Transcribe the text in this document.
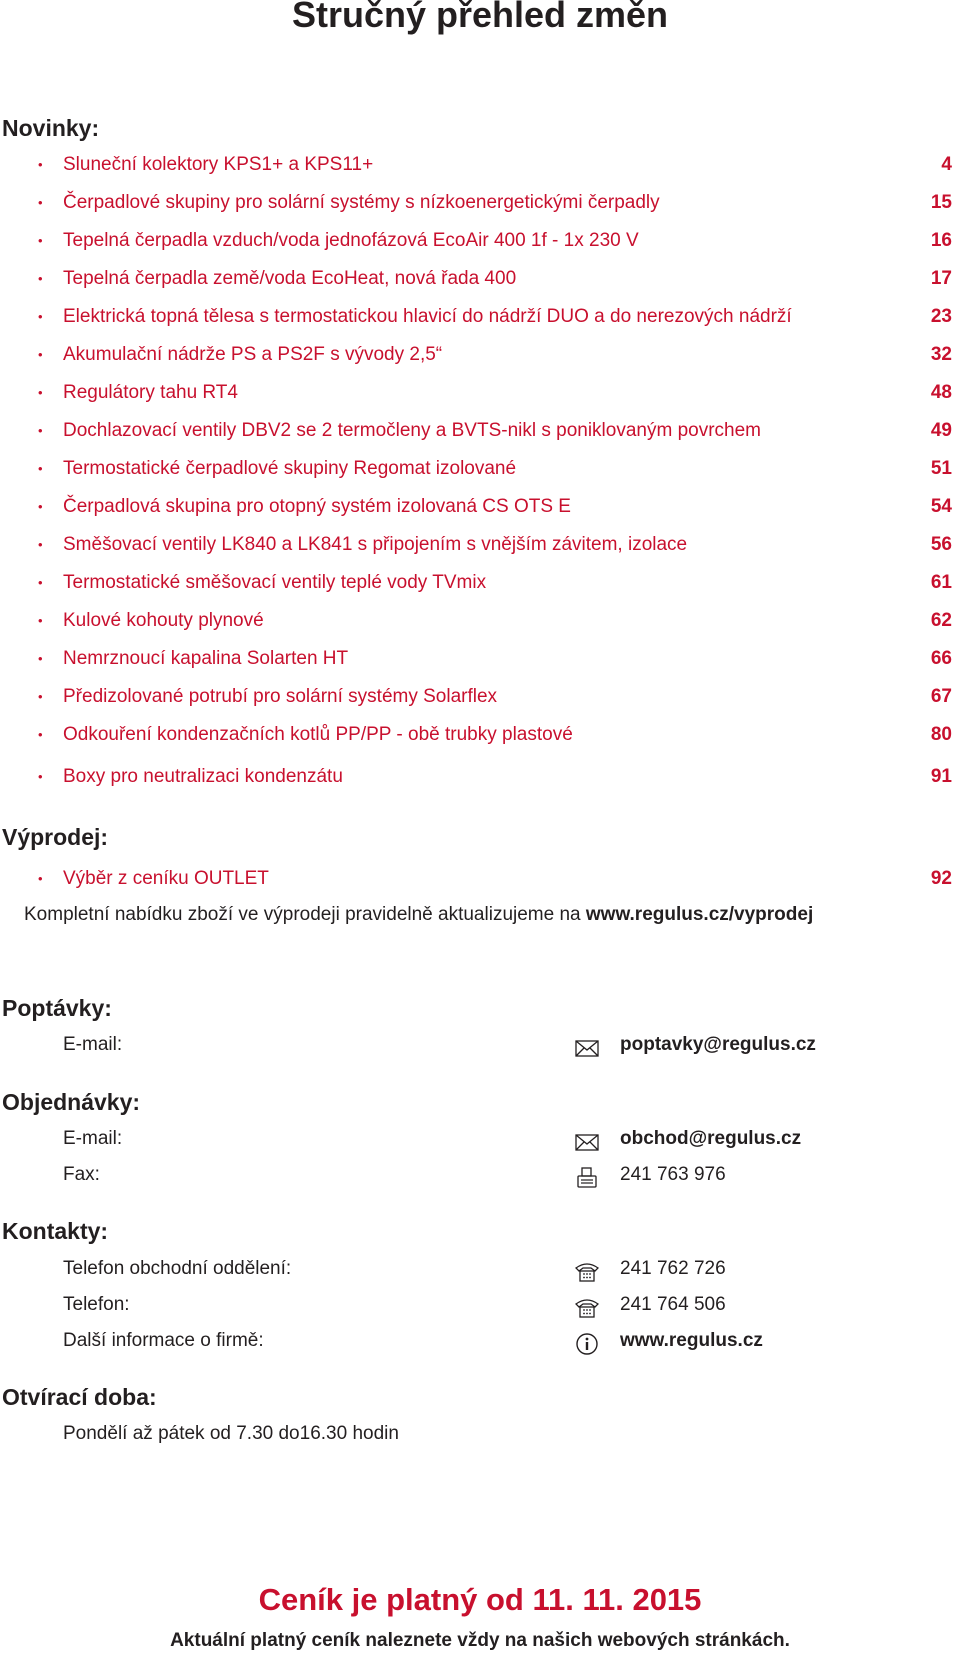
Stručný přehled změn
Novinky:
• Sluneční kolektory KPS1+ a KPS11+	4
• Čerpadlové skupiny pro solární systémy s nízkoenergetickými čerpadly	15
• Tepelná čerpadla vzduch/voda jednofázová EcoAir 400 1f - 1x 230 V	16
• Tepelná čerpadla země/voda EcoHeat, nová řada 400	17
• Elektrická topná tělesa s termostatickou hlavicí do nádrží DUO a do nerezových nádrží	23
• Akumulační nádrže PS a PS2F s vývody 2,5“	32
• Regulátory tahu RT4	48
• Dochlazovací ventily DBV2 se 2 termočleny a BVTS-nikl s poniklovaným povrchem	49
• Termostatické čerpadlové skupiny Regomat izolované	51
• Čerpadlová skupina pro otopný systém izolovaná CS OTS E	54
• Směšovací ventily LK840 a LK841 s připojením s vnějším závitem, izolace	56
• Termostatické směšovací ventily teplé vody TVmix	61
• Kulové kohouty plynové	62
• Nemrznoucí kapalina Solarten HT	66
• Předizolované potrubí pro solární systémy Solarflex	67
• Odkouření kondenzačních kotlů PP/PP - obě trubky plastové	80
• Boxy pro neutralizaci kondenzátu	91
Výprodej:
• Výběr z ceníku OUTLET	92
Kompletní nabídku zboží ve výprodeji pravidelně aktualizujeme na www.regulus.cz/vyprodej
Poptávky:
E-mail:	poptavky@regulus.cz
Objednávky:
E-mail:	obchod@regulus.cz
Fax:	241 763 976
Kontakty:
Telefon obchodní oddělení:	241 762 726
Telefon:	241 764 506
Další informace o firmě:	www.regulus.cz
Otvírací doba:
Pondělí až pátek od 7.30 do16.30 hodin
Ceník je platný od 11. 11. 2015
Aktuální platný ceník naleznete vždy na našich webových stránkách.
